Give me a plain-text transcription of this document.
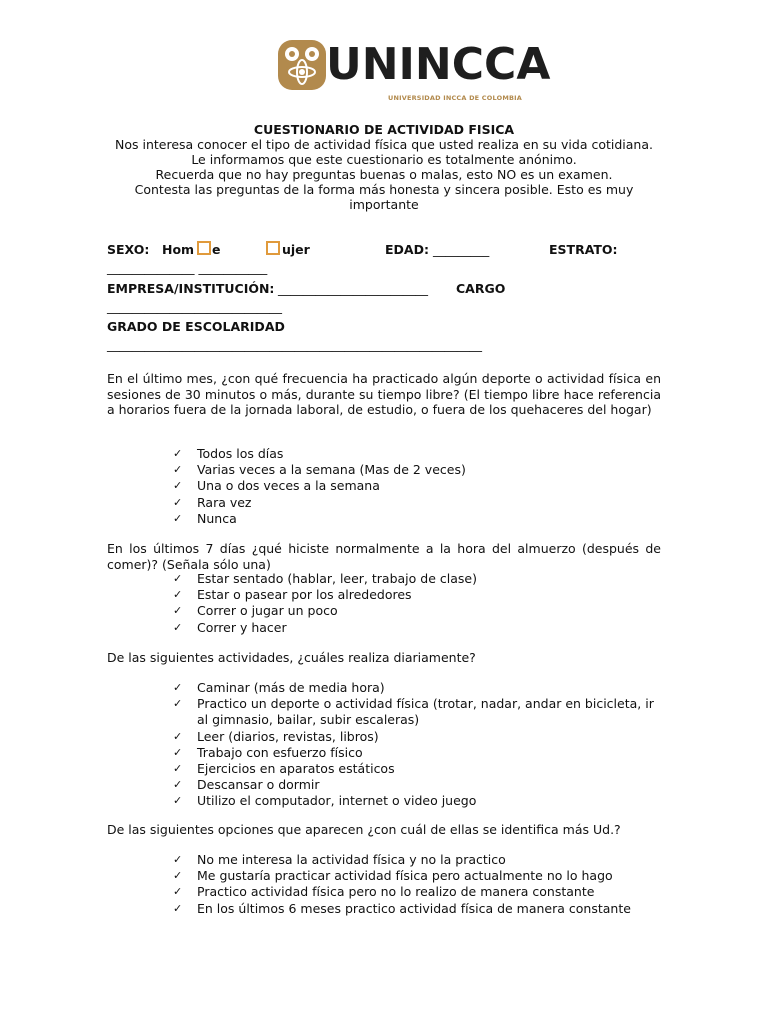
UNINCCA
UNIVERSIDAD INCCA DE COLOMBIA
CUESTIONARIO DE ACTIVIDAD FISICA
Nos interesa conocer el tipo de actividad física que usted realiza en su vida cotidiana.
Le informamos que este cuestionario es totalmente anónimo.
Recuerda que no hay preguntas buenas o malas, esto NO es un examen.
Contesta las preguntas de la forma más honesta y sincera posible. Esto es muy
importante
SEXO: Hom e	ujer	EDAD: _________	ESTRATO:
______________ ___________
EMPRESA/INSTITUCIÓN: ________________________ CARGO
____________________________
GRADO DE ESCOLARIDAD
____________________________________________________________
En el último mes, ¿con qué frecuencia ha practicado algún deporte o actividad física en sesiones de 30 minutos o más, durante su tiempo libre? (El tiempo libre hace referencia a horarios fuera de la jornada laboral, de estudio, o fuera de los quehaceres del hogar)
✓ Todos los días
✓ Varias veces a la semana (Mas de 2 veces)
✓ Una o dos veces a la semana
✓ Rara vez
✓ Nunca
En los últimos 7 días ¿qué hiciste normalmente a la hora del almuerzo (después de comer)? (Señala sólo una)
✓ Estar sentado (hablar, leer, trabajo de clase)
✓ Estar o pasear por los alrededores
✓ Correr o jugar un poco
✓ Correr y hacer
De las siguientes actividades, ¿cuáles realiza diariamente?
✓ Caminar (más de media hora)
✓ Practico un deporte o actividad física (trotar, nadar, andar en bicicleta, ir al gimnasio, bailar, subir escaleras)
✓ Leer (diarios, revistas, libros)
✓ Trabajo con esfuerzo físico
✓ Ejercicios en aparatos estáticos
✓ Descansar o dormir
✓ Utilizo el computador, internet o video juego
De las siguientes opciones que aparecen ¿con cuál de ellas se identifica más Ud.?
✓ No me interesa la actividad física y no la practico
✓ Me gustaría practicar actividad física pero actualmente no lo hago
✓ Practico actividad física pero no lo realizo de manera constante
✓ En los últimos 6 meses practico actividad física de manera constante
